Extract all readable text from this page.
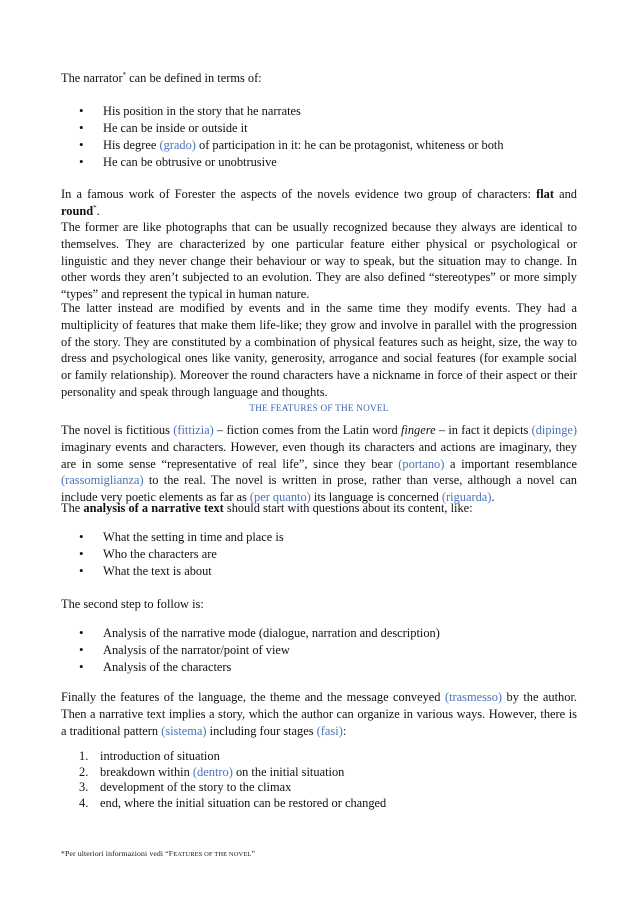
The narrator* can be defined in terms of:

• His position in the story that he narrates
• He can be inside or outside it
• His degree (grado) of participation in it: he can be protagonist, whiteness or both
• He can be obtrusive or unobtrusive

In a famous work of Forester the aspects of the novels evidence two group of characters: flat and round*.

The former are like photographs that can be usually recognized because they always are identical to themselves. They are characterized by one particular feature either physical or psychological or linguistic and they never change their behaviour or way to speak, but the situation may to change. In other words they aren’t subjected to an evolution. They are also defined “stereotypes” or more simply “types” and represent the typical in human nature.

The latter instead are modified by events and in the same time they modify events. They had a multiplicity of features that make them life-like; they grow and involve in parallel with the progression of the story. They are constituted by a combination of physical features such as height, size, the way to dress and psychological ones like vanity, generosity, arrogance and social features (for example social or family relationship). Moreover the round characters have a nickname in force of their aspect or their personality and speak through language and thoughts.

THE FEATURES OF THE NOVEL

The novel is fictitious (fittizia) – fiction comes from the Latin word fingere – in fact it depicts (dipinge) imaginary events and characters. However, even though its characters and actions are imaginary, they are in some sense “representative of real life”, since they bear (portano) a important resemblance (rassomiglianza) to the real. The novel is written in prose, rather than verse, although a novel can include very poetic elements as far as (per quanto) its language is concerned (riguarda).

The analysis of a narrative text should start with questions about its content, like:

• What the setting in time and place is
• Who the characters are
• What the text is about

The second step to follow is:

• Analysis of the narrative mode (dialogue, narration and description)
• Analysis of the narrator/point of view
• Analysis of the characters

Finally the features of the language, the theme and the message conveyed (trasmesso) by the author. Then a narrative text implies a story, which the author can organize in various ways. However, there is a traditional pattern (sistema) including four stages (fasi):

1. introduction of situation
2. breakdown within (dentro) on the initial situation
3. development of the story to the climax
4. end, where the initial situation can be restored or changed
*Per ulteriori informazioni vedi “FEATURES OF THE NOVEL”
